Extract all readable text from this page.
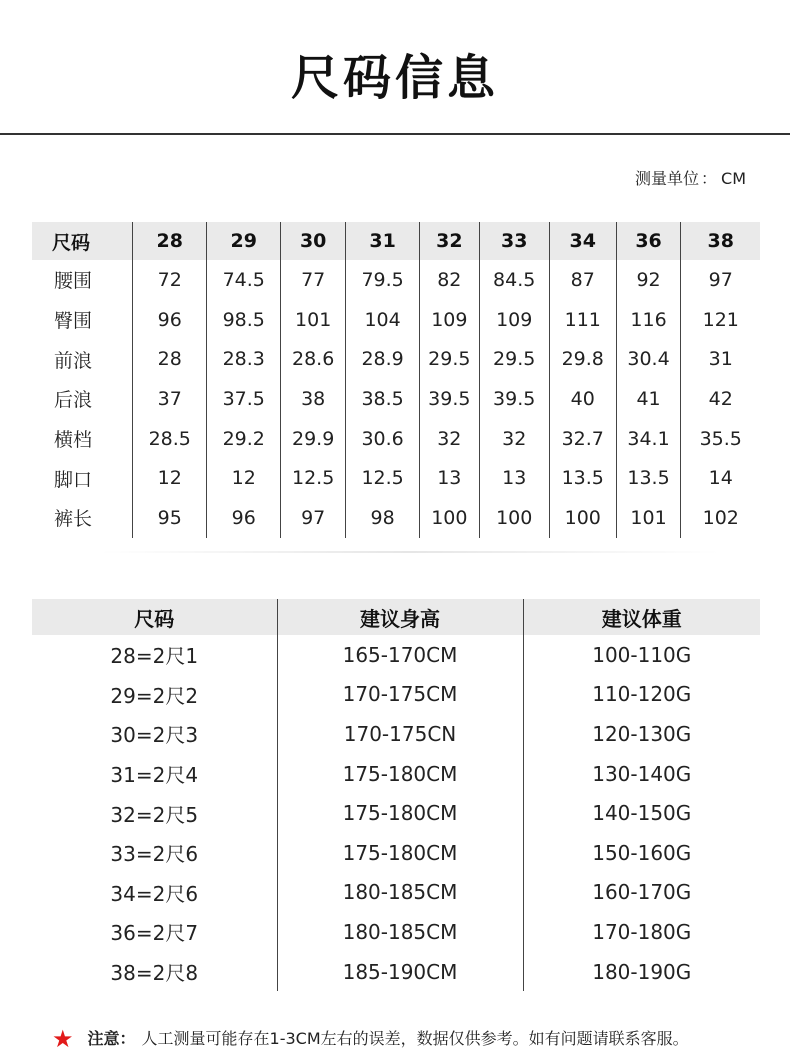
尺码信息
测量单位 ： CM
尺码	28	29	30	31	32	33	34	36	38
腰围	72	74.5	77	79.5	82	84.5	87	92	97
臀围	96	98.5	101	104	109	109	111	116	121
前浪	28	28.3	28.6	28.9	29.5	29.5	29.8	30.4	31
后浪	37	37.5	38	38.5	39.5	39.5	40	41	42
横档	28.5	29.2	29.9	30.6	32	32	32.7	34.1	35.5
脚口	12	12	12.5	12.5	13	13	13.5	13.5	14
裤长	95	96	97	98	100	100	100	101	102
尺码	建议身高	建议体重
28=2尺1	165-170CM	100-110G
29=2尺2	170-175CM	110-120G
30=2尺3	170-175CN	120-130G
31=2尺4	175-180CM	130-140G
32=2尺5	175-180CM	140-150G
33=2尺6	175-180CM	150-160G
34=2尺6	180-185CM	160-170G
36=2尺7	180-185CM	170-180G
38=2尺8	185-190CM	180-190G
★ 注意： 人工测量可能存在1-3CM左右的误差，数据仅供参考。如有问题请联系客服。
